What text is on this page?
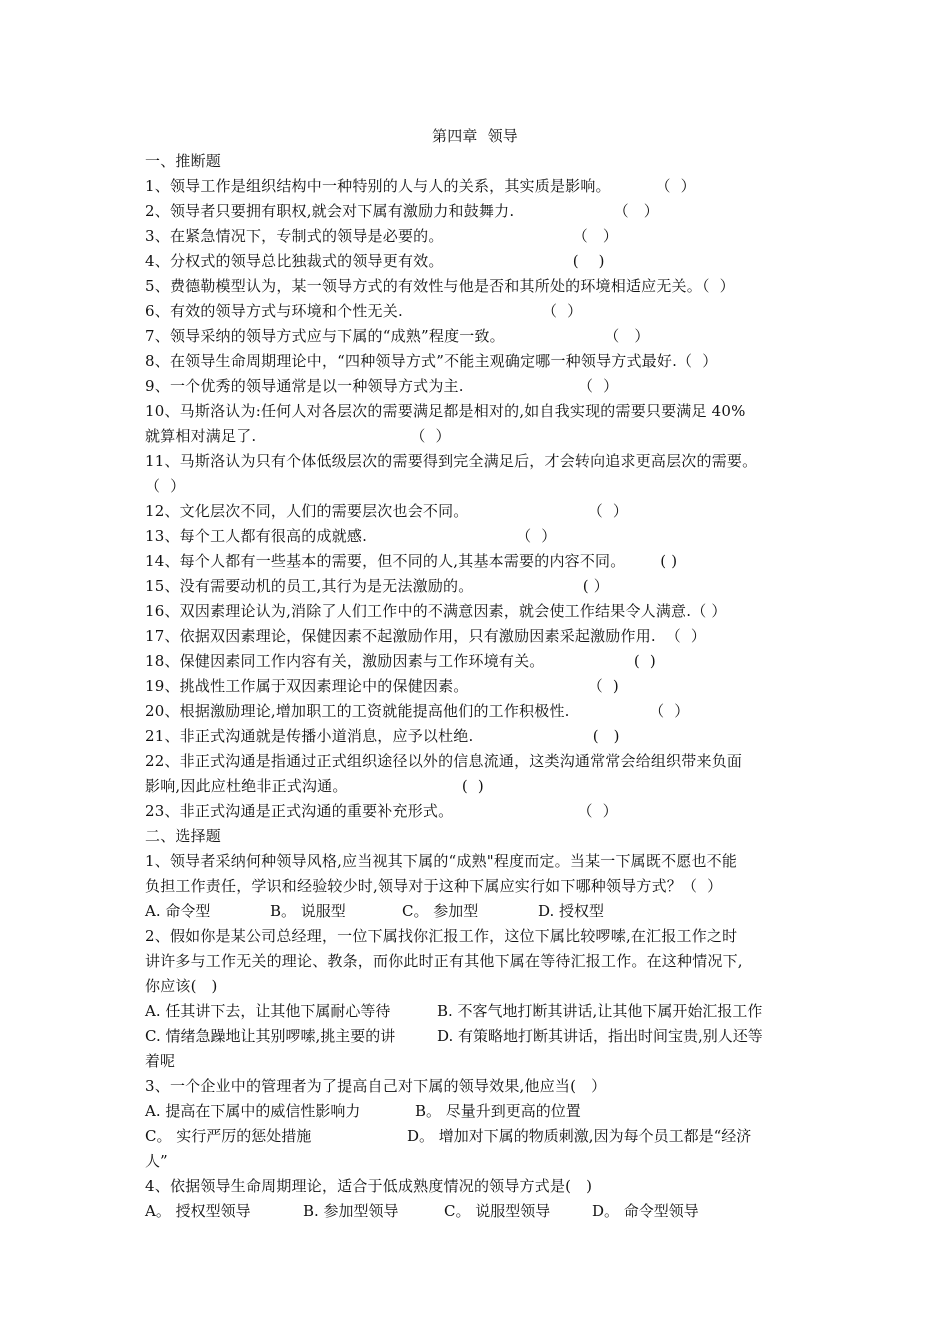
第四章  领导
一、推断题
1、领导工作是组织结构中一种特别的人与人的关系，其实质是影响。         （  ）
2、领导者只要拥有职权,就会对下属有激励力和鼓舞力.                    （   ）
3、在紧急情况下，专制式的领导是必要的。                          （   ）
4、分权式的领导总比独裁式的领导更有效。                          (    )
5、费德勒模型认为，某一领导方式的有效性与他是否和其所处的环境相适应无关。（  ）
6、有效的领导方式与环境和个性无关.                            （  ）
7、领导采纳的领导方式应与下属的“成熟”程度一致。                    （   ）
8、在领导生命周期理论中，“四种领导方式”不能主观确定哪一种领导方式最好.（  ）
9、一个优秀的领导通常是以一种领导方式为主.                       （  ）
10、马斯洛认为:任何人对各层次的需要满足都是相对的,如自我实现的需要只要满足 40%
就算相对满足了.                               （  ）
11、马斯洛认为只有个体低级层次的需要得到完全满足后，才会转向追求更高层次的需要。
（  ）
12、文化层次不同，人们的需要层次也会不同。                        （  ）
13、每个工人都有很高的成就感.                              （  ）
14、每个人都有一些基本的需要，但不同的人,其基本需要的内容不同。       ( )
15、没有需要动机的员工,其行为是无法激励的。                      ( ）
16、双因素理论认为,消除了人们工作中的不满意因素，就会使工作结果令人满意.（ ）
17、依据双因素理论，保健因素不起激励作用，只有激励因素采起激励作用.  （  ）
18、保健因素同工作内容有关，激励因素与工作环境有关。                  (  )
19、挑战性工作属于双因素理论中的保健因素。                        （  )
20、根据激励理论,增加职工的工资就能提高他们的工作积极性.                （  ）
21、非正式沟通就是传播小道消息，应予以杜绝.                        (   )
22、非正式沟通是指通过正式组织途径以外的信息流通，这类沟通常常会给组织带来负面
影响,因此应杜绝非正式沟通。                       (  )
23、非正式沟通是正式沟通的重要补充形式。                         （  ）
二、选择题
1、领导者采纳何种领导风格,应当视其下属的“成熟"程度而定。当某一下属既不愿也不能
负担工作责任，学识和经验较少时,领导对于这种下属应实行如下哪种领导方式？（  ）
A. 命令型	B。 说服型	C。 参加型	D. 授权型
2、假如你是某公司总经理，一位下属找你汇报工作，这位下属比较啰嗦,在汇报工作之时
讲许多与工作无关的理论、教条，而你此时正有其他下属在等待汇报工作。在这种情况下,
你应该(   )
A. 任其讲下去，让其他下属耐心等待	B. 不客气地打断其讲话,让其他下属开始汇报工作
C. 情绪急躁地让其别啰嗦,挑主要的讲	D. 有策略地打断其讲话，指出时间宝贵,别人还等
着呢
3、一个企业中的管理者为了提高自己对下属的领导效果,他应当(   ）
A. 提高在下属中的威信性影响力	B。 尽量升到更高的位置
C。 实行严厉的惩处措施	D。 增加对下属的物质刺激,因为每个员工都是“经济
人”
4、依据领导生命周期理论，适合于低成熟度情况的领导方式是(   )
A。 授权型领导	B. 参加型领导	C。 说服型领导	D。 命令型领导
